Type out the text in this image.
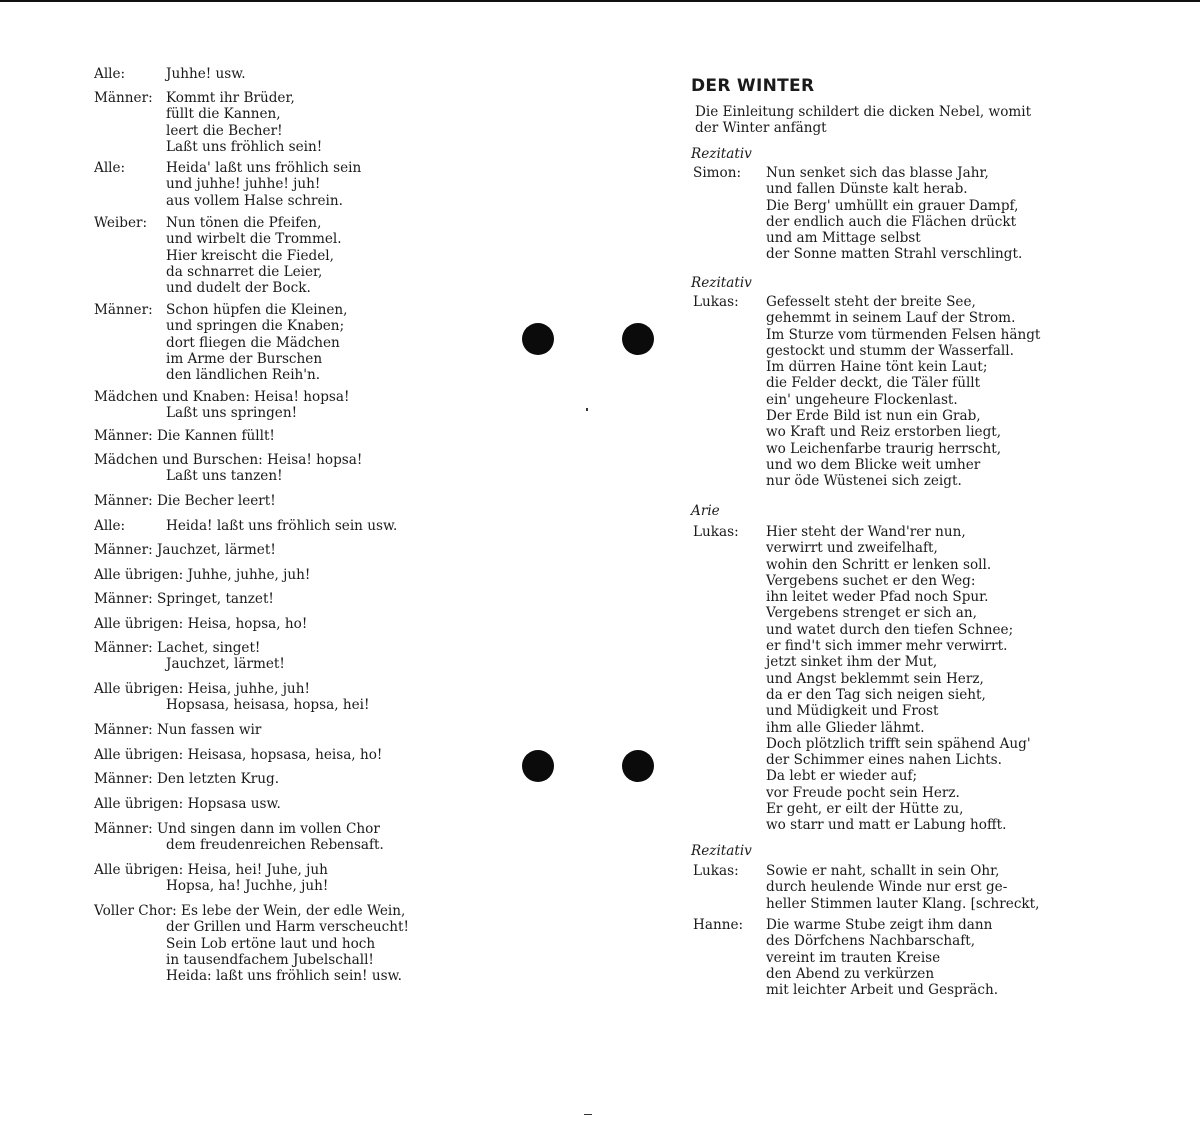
Alle:	Juhhe! usw.
Männer: Kommt ihr Brüder,
füllt die Kannen,
leert die Becher!
Laßt uns fröhlich sein!
Alle:	Heida' laßt uns fröhlich sein
und juhhe! juhhe! juh!
aus vollem Halse schrein.
Weiber:	Nun tönen die Pfeifen,
und wirbelt die Trommel.
Hier kreischt die Fiedel,
da schnarret die Leier,
und dudelt der Bock.
Männer: Schon hüpfen die Kleinen,
und springen die Knaben;
dort fliegen die Mädchen
im Arme der Burschen
den ländlichen Reih'n.
Mädchen und Knaben: Heisa! hopsa!
Laßt uns springen!
Männer: Die Kannen füllt!
Mädchen und Burschen: Heisa! hopsa!
Laßt uns tanzen!
Männer: Die Becher leert!
Alle:	Heida! laßt uns fröhlich sein usw.
Männer: Jauchzet, lärmet!
Alle übrigen: Juhhe, juhhe, juh!
Männer: Springet, tanzet!
Alle übrigen: Heisa, hopsa, ho!
Männer: Lachet, singet!
Jauchzet, lärmet!
Alle übrigen: Heisa, juhhe, juh!
Hopsasa, heisasa, hopsa, hei!
Männer: Nun fassen wir
Alle übrigen: Heisasa, hopsasa, heisa, ho!
Männer: Den letzten Krug.
Alle übrigen: Hopsasa usw.
Männer: Und singen dann im vollen Chor
dem freudenreichen Rebensaft.
Alle übrigen: Heisa, hei! Juhe, juh
Hopsa, ha! Juchhe, juh!
Voller Chor: Es lebe der Wein, der edle Wein,
der Grillen und Harm verscheucht!
Sein Lob ertöne laut und hoch
in tausendfachem Jubelschall!
Heida: laßt uns fröhlich sein! usw.
DER WINTER
Die Einleitung schildert die dicken Nebel, womit
der Winter anfängt
Rezitativ
Simon:	Nun senket sich das blasse Jahr,
und fallen Dünste kalt herab.
Die Berg' umhüllt ein grauer Dampf,
der endlich auch die Flächen drückt
und am Mittage selbst
der Sonne matten Strahl verschlingt.
Rezitativ
Lukas:	Gefesselt steht der breite See,
gehemmt in seinem Lauf der Strom.
Im Sturze vom türmenden Felsen hängt
gestockt und stumm der Wasserfall.
Im dürren Haine tönt kein Laut;
die Felder deckt, die Täler füllt
ein' ungeheure Flockenlast.
Der Erde Bild ist nun ein Grab,
wo Kraft und Reiz erstorben liegt,
wo Leichenfarbe traurig herrscht,
und wo dem Blicke weit umher
nur öde Wüstenei sich zeigt.
Arie
Lukas:	Hier steht der Wand'rer nun,
verwirrt und zweifelhaft,
wohin den Schritt er lenken soll.
Vergebens suchet er den Weg:
ihn leitet weder Pfad noch Spur.
Vergebens strenget er sich an,
und watet durch den tiefen Schnee;
er find't sich immer mehr verwirrt.
jetzt sinket ihm der Mut,
und Angst beklemmt sein Herz,
da er den Tag sich neigen sieht,
und Müdigkeit und Frost
ihm alle Glieder lähmt.
Doch plötzlich trifft sein spähend Aug'
der Schimmer eines nahen Lichts.
Da lebt er wieder auf;
vor Freude pocht sein Herz.
Er geht, er eilt der Hütte zu,
wo starr und matt er Labung hofft.
Rezitativ
Lukas:	Sowie er naht, schallt in sein Ohr,
durch heulende Winde nur erst ge-
heller Stimmen lauter Klang. [schreckt,
Hanne:	Die warme Stube zeigt ihm dann
des Dörfchens Nachbarschaft,
vereint im trauten Kreise
den Abend zu verkürzen
mit leichter Arbeit und Gespräch.
